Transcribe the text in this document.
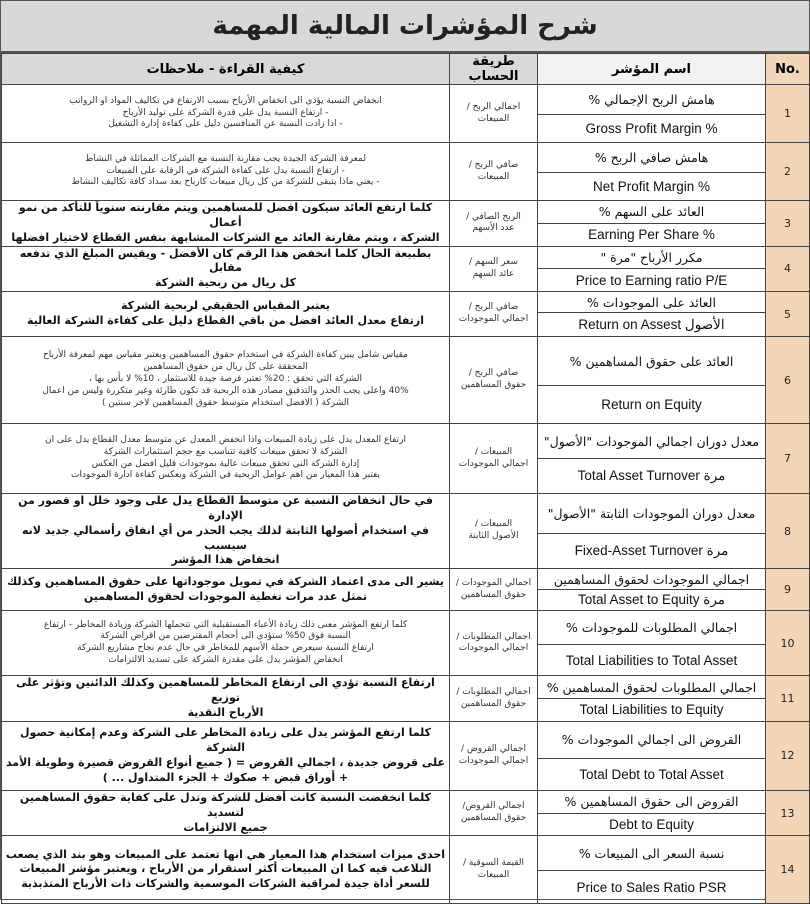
شرح المؤشرات المالية المهمة
كيفية القراءة - ملاحظات	طريقة الحساب	اسم المؤشر	No.

انخفاض النسبة يؤدي الى انخفاض الأرباح بسبب الارتفاع في تكاليف المواد او الرواتب
- ارتفاع النسبة يدل على قدرة الشركة على توليد الأرباح
- اذا زادت النسبة عن المنافسين دليل على كفاءة إدارة التشغيل	اجمالي الربح /
المبيعات	هامش الربح الإجمالي %	1
		Gross Profit Margin %	

لمعرفة الشركة الجيدة يجب مقارنة النسبة مع الشركات المماثلة في النشاط
- ارتفاع النسبة يدل على كفاءة الشركة في الرقابة على المبيعات
- يعني ماذا يتبقى للشركة من كل ريال مبيعات كارباح بعد سداد كافة تكاليف النشاط	صافي الربح /
المبيعات	هامش صافي الربح %	2
		Net Profit Margin %	

كلما ارتفع العائد سيكون افضل للمساهمين ويتم مقارنته سنوياً للتأكد من نمو أعمال
الشركة ، ويتم مقارنة العائد مع الشركات المشابهة بنفس القطاع لاختيار افضلها	الربح الصافي /
عدد الأسهم	العائد على السهم %	3
		Earning Per Share %	

بطبيعة الحال كلما انخفض هذا الرقم كان الأفضل - ويقيس المبلغ الذي تدفعه مقابل
كل ريال من ربحية الشركة	سعر السهم /
عائد السهم	مكرر الأرباح "مرة "	4
		Price to Earning ratio P/E	

يعتبر المقياس الحقيقي لربحية الشركة
ارتفاع معدل العائد افضل من باقي القطاع دليل على كفاءة الشركة العالية	صافي الربح /
اجمالي الموجودات	العائد على الموجودات %	5
		Return on Assest الأصول	

مقياس شامل يبين كفاءة الشركة في استخدام حقوق المساهمين ويعتبر مقياس مهم لمعرفة الأرباح
المحققة على كل ريال من حقوق المساهمين
الشركة التي تحقق : 20% تعتبر فرصة جيدة للاستثمار ، 10% لا بأس بها ،
40% واعلى يجب الحذر والتدقيق مصادر هذه الربحية قد تكون طارئة وغير متكررة وليس من اعمال
الشركة ( الافضل استخدام متوسط حقوق المساهمين لاخر سنتين )	صافي الربح /
حقوق المساهمين	العائد على حقوق المساهمين %	6
		Return on Equity	

ارتفاع المعدل يدل على زيادة المبيعات واذا انخفض المعدل عن متوسط معدل القطاع يدل على ان
الشركة لا تحقق مبيعات كافية تتناسب مع حجم استثمارات الشركة
إدارة الشركة التي تحقق مبيعات عالية بموجودات قليل افضل من العكس
يعتبر هذا المعيار من اهم عوامل الربحية في الشركة ويعكس كفاءة ادارة الموجودات	المبيعات /
اجمالي الموجودات	معدل دوران اجمالي الموجودات "الأصول"	7
		Total Asset Turnover مرة	

في حال انخفاض النسبة عن متوسط القطاع يدل على وجود خلل او قصور من الإدارة
في استخدام أصولها الثابتة لذلك يجب الحذر من أي انفاق رأسمالي جديد لانه سيسبب
انخفاض هذا المؤشر	المبيعات /
الأصول الثابتة	معدل دوران الموجودات الثابتة "الأصول"	8
		Fixed-Asset Turnover مرة	

يشير الى مدى اعتماد الشركة في تمويل موجوداتها على حقوق المساهمين وكذلك
تمثل عدد مرات تغطية الموجودات لحقوق المساهمين	اجمالي الموجودات /
حقوق المساهمين	اجمالي الموجودات لحقوق المساهمين	9
		Total Asset to Equity مرة	

كلما ارتفع المؤشر معنى ذلك زيادة الأعباء المستقبلية التي تتحملها الشركة وزيادة المخاطر - ارتفاع
النسبة فوق 50% ستؤدي الى أحجام المقترضين من اقراض الشركة
ارتفاع النسبة سيعرض حملة الأسهم للمخاطر في حال عدم نجاح مشاريع الشركة
انخفاض المؤشر يدل على مقدرة الشركة على تسديد الالتزامات	اجمالي المطلوبات /
اجمالي الموجودات	اجمالي المطلوبات للموجودات %	10
		Total Liabilities to Total Asset	

ارتفاع النسبة تؤدي الى ارتفاع المخاطر للمساهمين وكذلك الدائنين وتؤثر على توزيع
الأرباح النقدية	اجمالي المطلوبات /
حقوق المساهمين	اجمالي المطلوبات لحقوق المساهمين %	11
		Total Liabilities to Equity	

كلما ارتفع المؤشر يدل على زيادة المخاطر على الشركة وعدم إمكانية حصول الشركة
على قروض جديدة ، اجمالي القروض = ( جميع أنواع القروض قصيرة وطويلة الأمد
+ أوراق قبض + صكوك + الجزء المتداول ... )	اجمالي القروض /
اجمالي الموجودات	القروض الى اجمالي الموجودات %	12
		Total Debt to Total Asset	

كلما انخفضت النسبة كانت أفضل للشركة وتدل على كفاية حقوق المساهمين لتسديد
جميع الالتزامات	اجمالي القروض/
حقوق المساهمين	القروض الى حقوق المساهمين %	13
		Debt to Equity	

احدى ميزات استخدام هذا المعيار هي انها تعتمد على المبيعات وهو بند الذي يصعب
التلاعب فيه كما ان المبيعات أكثر استقرار من الأرباح ، ويعتبر مؤشر المبيعات
للسعر أداة جيدة لمراقبة الشركات الموسمية والشركات ذات الأرباح المتذبذبة	القيمة السوقية /
المبيعات	نسبة السعر الى المبيعات %	14
		Price to Sales Ratio PSR	
